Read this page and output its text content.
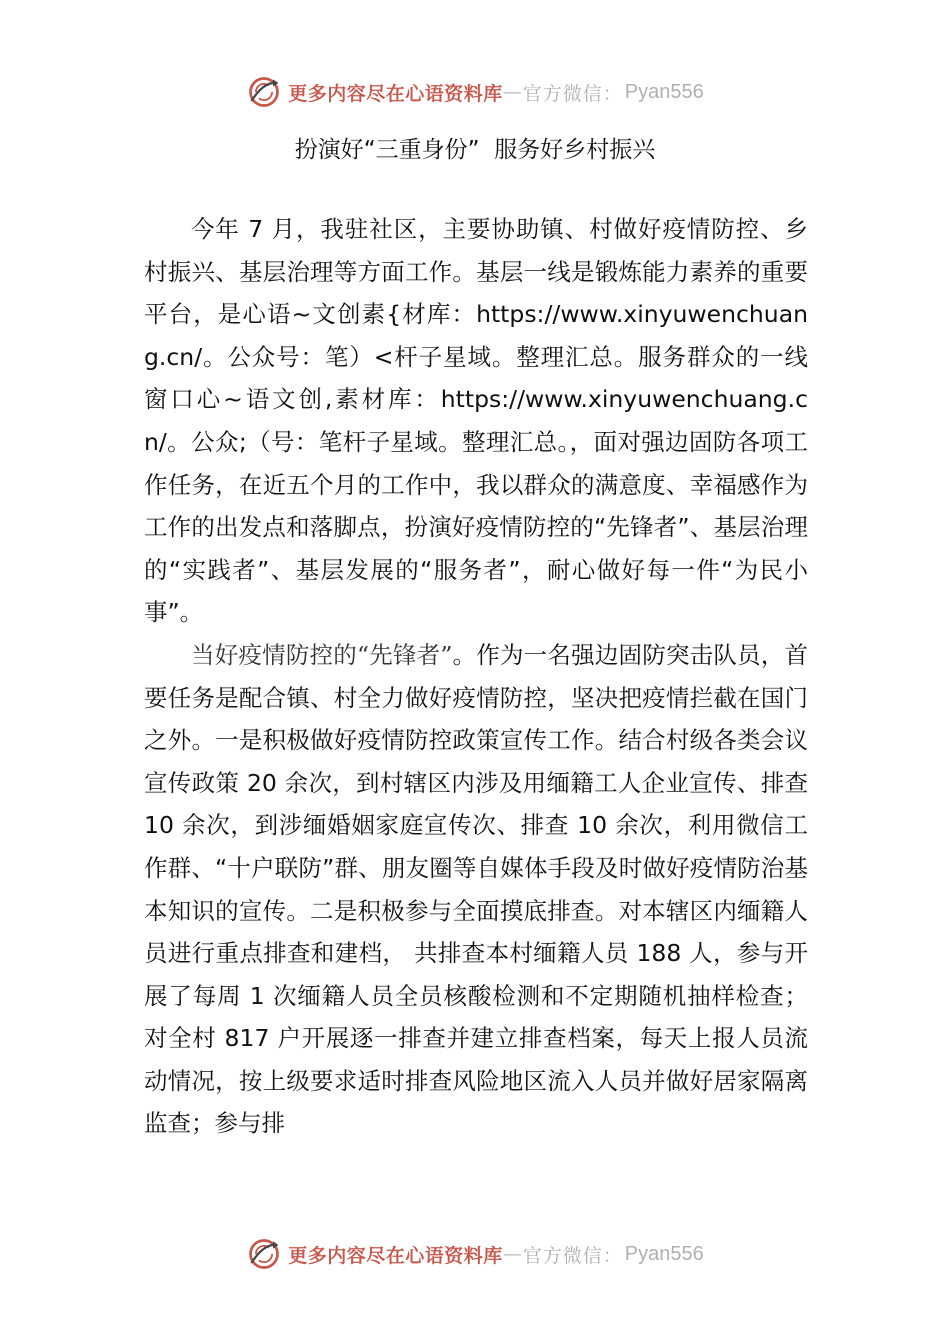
更多内容尽在心语资料库 — 官方微信： Pyan556
扮演好“三重身份”  服务好乡村振兴

今年 7 月，我驻社区，主要协助镇、村做好疫情防控、乡村振兴、基层治理等方面工作。基层一线是锻炼能力素养的重要平台，是心语~文创素{材库：https://www.xinyuwenchuang.cn/。公众号：笔）<杆子星域。整理汇总。服务群众的一线窗口心~语文创,素材库：https://www.xinyuwenchuang.cn/。公众;（号：笔杆子星域。整理汇总。，面对强边固防各项工作任务，在近五个月的工作中，我以群众的满意度、幸福感作为工作的出发点和落脚点，扮演好疫情防控的“先锋者”、基层治理的“实践者”、基层发展的“服务者”，耐心做好每一件“为民小事”。

当好疫情防控的“先锋者”。作为一名强边固防突击队员，首要任务是配合镇、村全力做好疫情防控，坚决把疫情拦截在国门之外。一是积极做好疫情防控政策宣传工作。结合村级各类会议宣传政策 20 余次，到村辖区内涉及用缅籍工人企业宣传、排查 10 余次，到涉缅婚姻家庭宣传次、排查 10 余次，利用微信工作群、“十户联防”群、朋友圈等自媒体手段及时做好疫情防治基本知识的宣传。二是积极参与全面摸底排查。对本辖区内缅籍人员进行重点排查和建档， 共排查本村缅籍人员 188 人，参与开展了每周 1 次缅籍人员全员核酸检测和不定期随机抽样检查；对全村 817 户开展逐一排查并建立排查档案，每天上报人员流动情况，按上级要求适时排查风险地区流入人员并做好居家隔离监查；参与排

更多内容尽在心语资料库 — 官方微信： Pyan556
